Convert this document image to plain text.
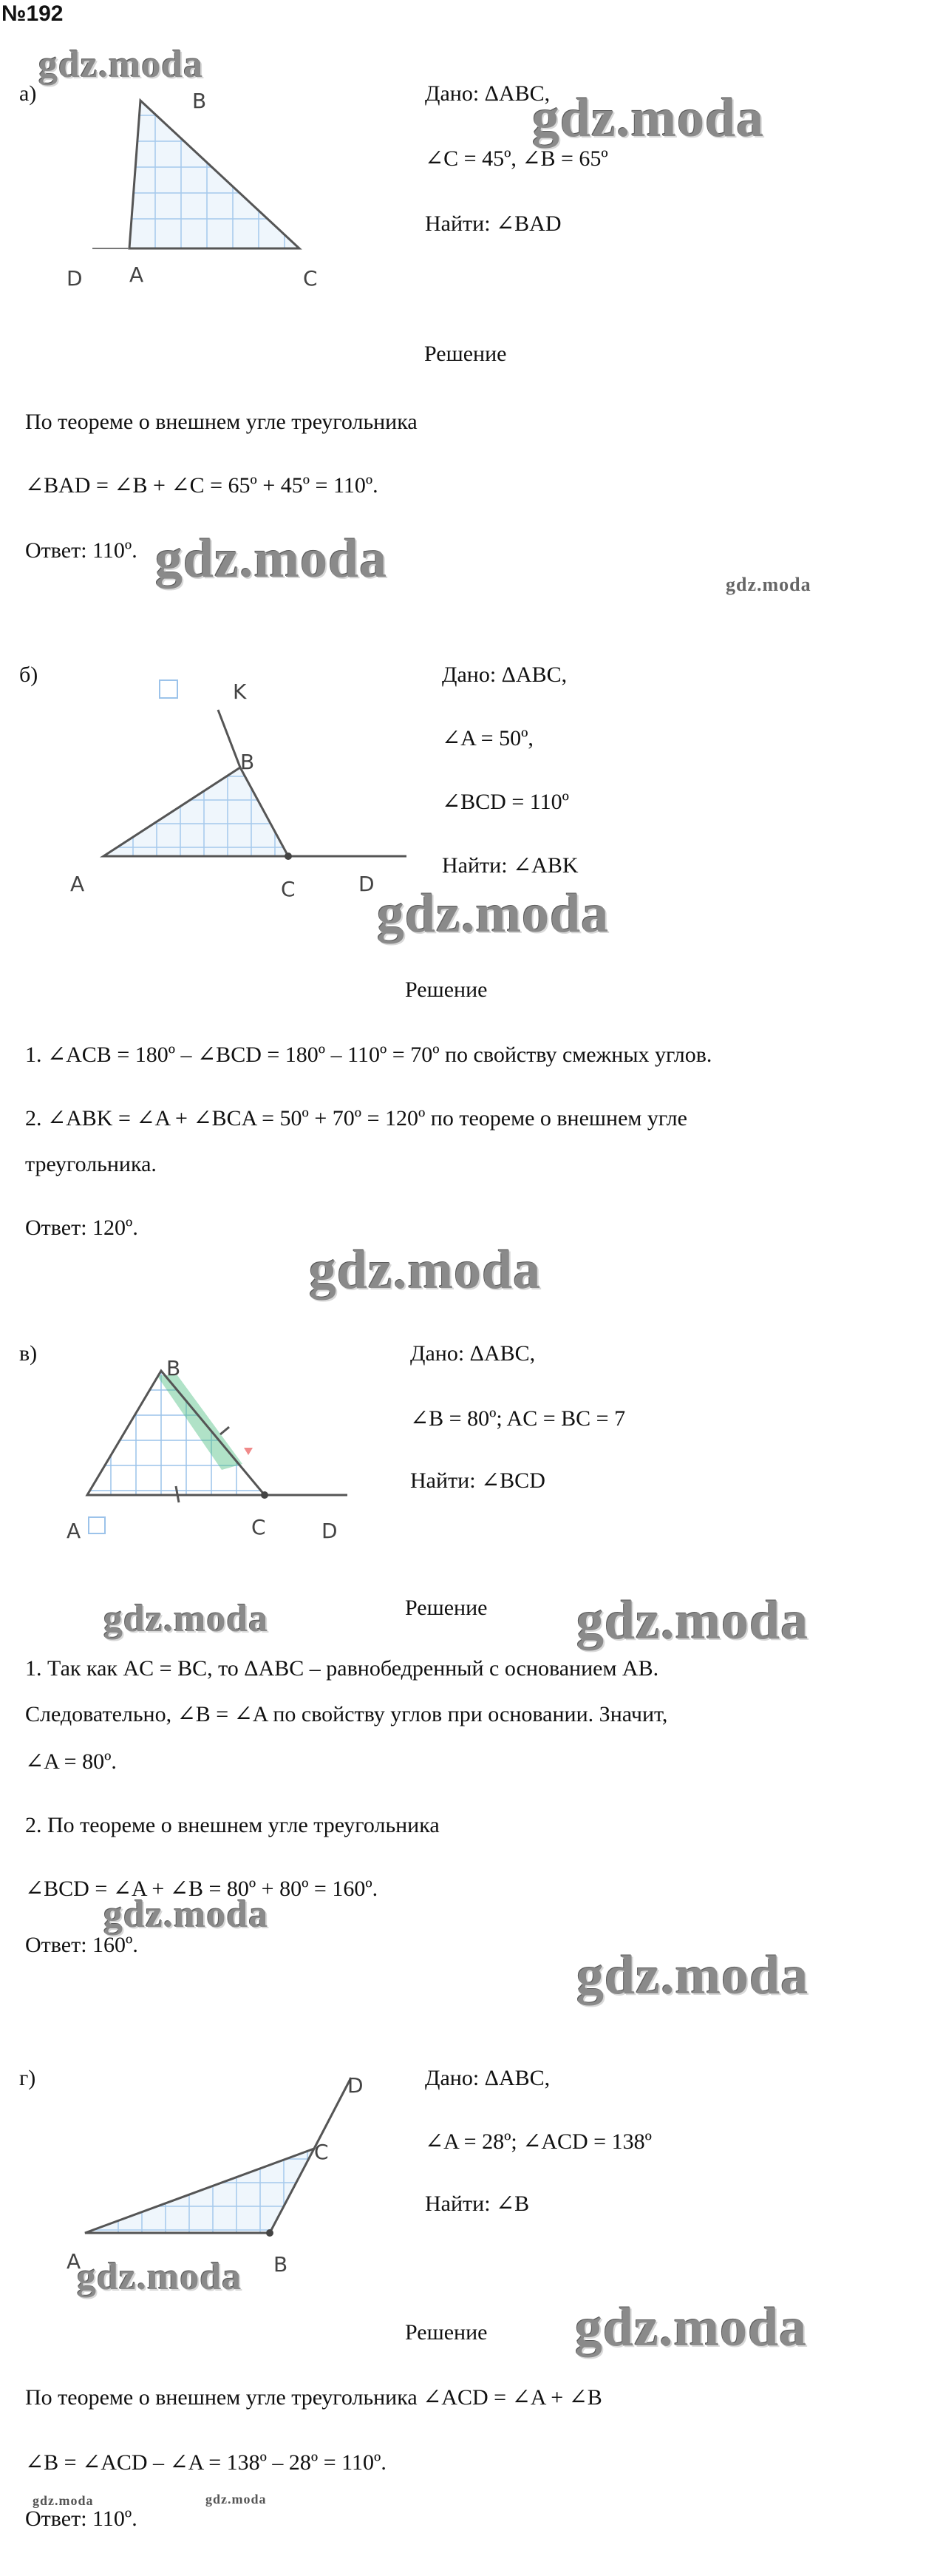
№192
а)
D A
B
C
Дано: ΔABC,
∠C = 45º, ∠B = 65º
Найти: ∠BAD
Решение
По теореме о внешнем угле треугольника
∠BAD = ∠B + ∠C = 65º + 45º = 110º.
Ответ: 110º.
б)
K
B
A	C	D
Дано: ΔABC,
∠A = 50º,
∠BCD = 110º
Найти: ∠ABK
Решение
1. ∠ACB = 180º – ∠BCD = 180º – 110º = 70º по свойству смежных углов.
2. ∠ABK = ∠A + ∠BCA = 50º + 70º = 120º по теореме о внешнем угле
треугольника.
Ответ: 120º.
в)
B
A	C	D
Дано: ΔABC,
∠B = 80º; AC = BC = 7
Найти: ∠BCD
Решение
1. Так как AC = BC, то ΔABC – равнобедренный с основанием AB.
Следовательно, ∠B = ∠A по свойству углов при основании. Значит,
∠A = 80º.
2. По теореме о внешнем угле треугольника
∠BCD = ∠A + ∠B = 80º + 80º = 160º.
Ответ: 160º.
г)	D
C
A	B
Дано: ΔABC,
∠A = 28º; ∠ACD = 138º
Найти: ∠B
Решение
По теореме о внешнем угле треугольника ∠ACD = ∠A + ∠B
∠B = ∠ACD – ∠A = 138º – 28º = 110º.
Ответ: 110º.
gdz.moda
gdz.moda
gdz.moda	gdz.moda
gdz.moda
gdz.moda
gdz.moda	gdz.moda
gdz.moda
gdz.moda
gdz.moda
gdz.moda
gdz.moda	gdz.moda
